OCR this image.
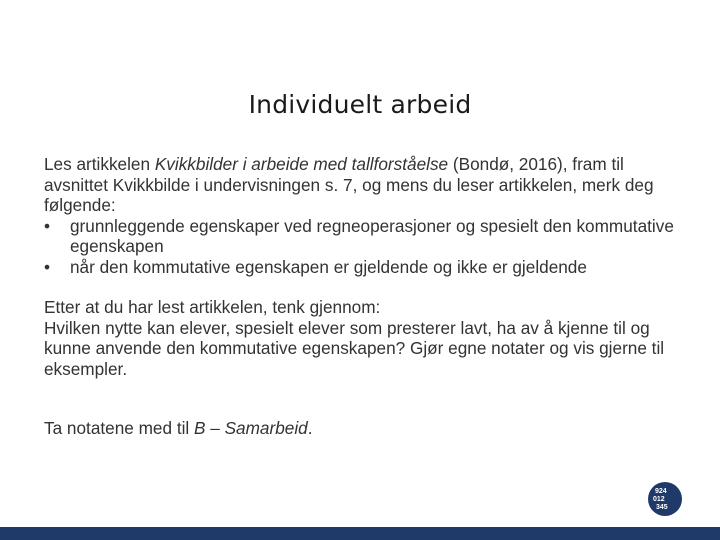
Individuelt arbeid

Les artikkelen Kvikkbilder i arbeide med tallforståelse (Bondø, 2016), fram til avsnittet Kvikkbilde i undervisningen s. 7, og mens du leser artikkelen, merk deg følgende:

• grunnleggende egenskaper ved regneoperasjoner og spesielt den kommutative egenskapen
• når den kommutative egenskapen er gjeldende og ikke er gjeldende

Etter at du har lest artikkelen, tenk gjennom:

Hvilken nytte kan elever, spesielt elever som presterer lavt, ha av å kjenne til og kunne anvende den kommutative egenskapen? Gjør egne notater og vis gjerne til eksempler.

Ta notatene med til B – Samarbeid.

924
012
345
